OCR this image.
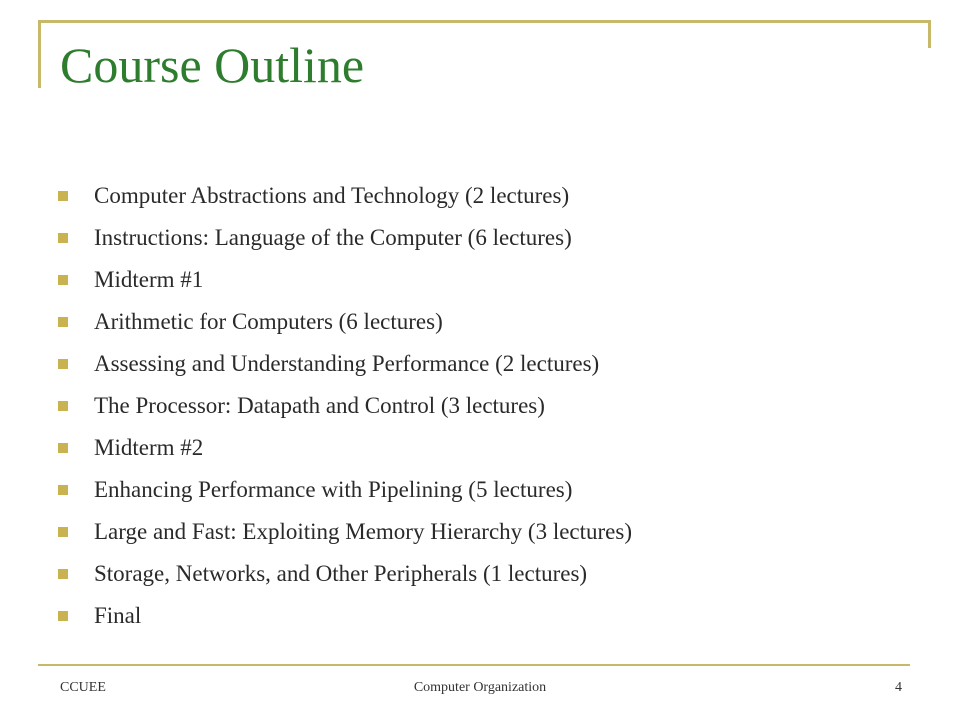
Course Outline
Computer Abstractions and Technology (2 lectures)
Instructions: Language of the Computer (6 lectures)
Midterm #1
Arithmetic for Computers (6 lectures)
Assessing and Understanding Performance (2 lectures)
The Processor: Datapath and Control (3 lectures)
Midterm #2
Enhancing Performance with Pipelining (5 lectures)
Large and Fast: Exploiting Memory Hierarchy (3 lectures)
Storage, Networks, and Other Peripherals (1 lectures)
Final
CCUEE	Computer Organization	4
